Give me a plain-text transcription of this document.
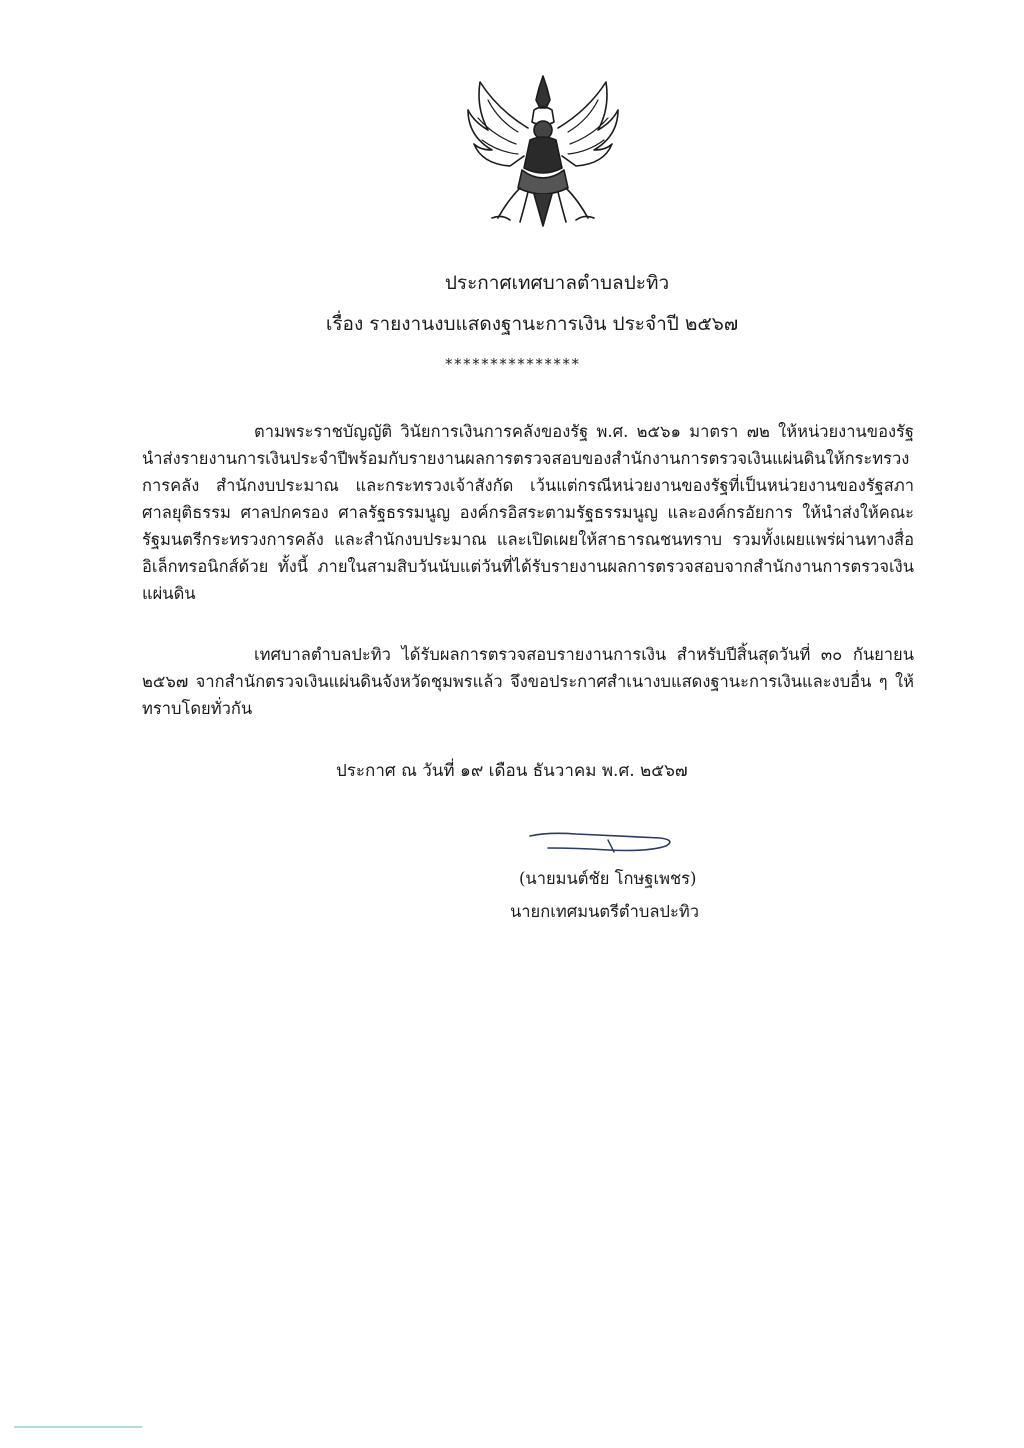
ประกาศเทศบาลตำบลปะทิว
เรื่อง รายงานงบแสดงฐานะการเงิน ประจำปี ๒๕๖๗
***************
ตามพระราชบัญญัติ วินัยการเงินการคลังของรัฐ พ.ศ. ๒๕๖๑ มาตรา ๗๒ ให้หน่วยงานของรัฐนำส่งรายงานการเงินประจำปีพร้อมกับรายงานผลการตรวจสอบของสำนักงานการตรวจเงินแผ่นดินให้กระทรวงการคลัง สำนักงบประมาณ และกระทรวงเจ้าสังกัด เว้นแต่กรณีหน่วยงานของรัฐที่เป็นหน่วยงานของรัฐสภา ศาลยุติธรรม ศาลปกครอง ศาลรัฐธรรมนูญ องค์กรอิสระตามรัฐธรรมนูญ และองค์กรอัยการ ให้นำส่งให้คณะรัฐมนตรีกระทรวงการคลัง และสำนักงบประมาณ และเปิดเผยให้สาธารณชนทราบ รวมทั้งเผยแพร่ผ่านทางสื่ออิเล็กทรอนิกส์ด้วย ทั้งนี้ ภายในสามสิบวันนับแต่วันที่ได้รับรายงานผลการตรวจสอบจากสำนักงานการตรวจเงินแผ่นดิน
เทศบาลตำบลปะทิว ได้รับผลการตรวจสอบรายงานการเงิน สำหรับปีสิ้นสุดวันที่ ๓๐ กันยายน ๒๕๖๗ จากสำนักตรวจเงินแผ่นดินจังหวัดชุมพรแล้ว จึงขอประกาศสำเนางบแสดงฐานะการเงินและงบอื่น ๆ ให้ทราบโดยทั่วกัน
ประกาศ ณ วันที่ ๑๙ เดือน ธันวาคม พ.ศ. ๒๕๖๗
(นายมนต์ชัย โกษฐเพชร)
นายกเทศมนตรีตำบลปะทิว
